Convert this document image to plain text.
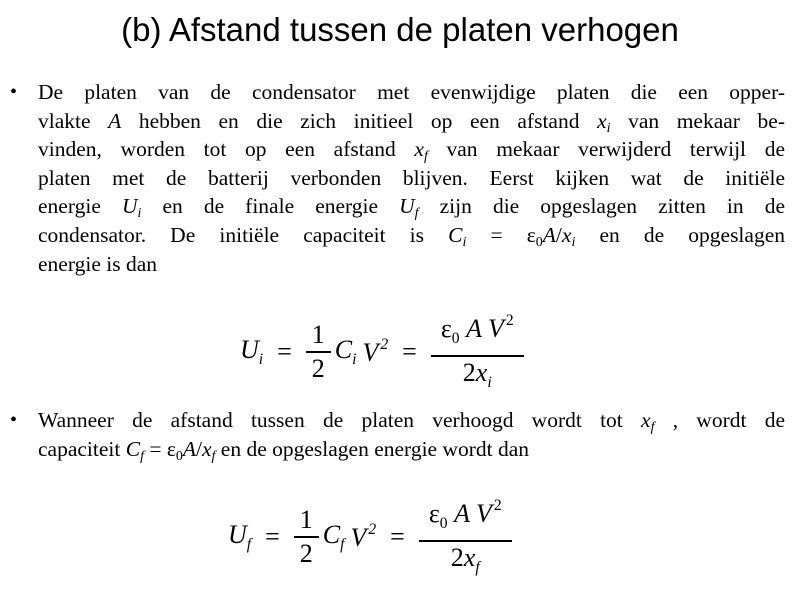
(b) Afstand tussen de platen verhogen
• De platen van de condensator met evenwijdige platen die een opper-
vlakte A hebben en die zich initieel op een afstand $x_i$ van mekaar be-
vinden, worden tot op een afstand $x_f$ van mekaar verwijderd terwijl de
platen met de batterij verbonden blijven. Eerst kijken wat de initiële
energie $U_i$ en de finale energie $U_f$ zijn die opgeslagen zitten in de
condensator. De initiële capaciteit is $C_i = \varepsilon_0A/x_i$ en de opgeslagen
energie is dan
$U_i = \frac{1}{2} C_i$ V $^2 = \frac{\varepsilon_0 A V ^2}{2x_i}$
• Wanneer de afstand tussen de platen verhoogd wordt tot $x_f$ , wordt de
capaciteit $C_f = \varepsilon_0A/x_f$ en de opgeslagen energie wordt dan
$U_f = \frac{1}{2} C_f$ V $^2 = \frac{\varepsilon_0 A V ^2}{2x_f}$
